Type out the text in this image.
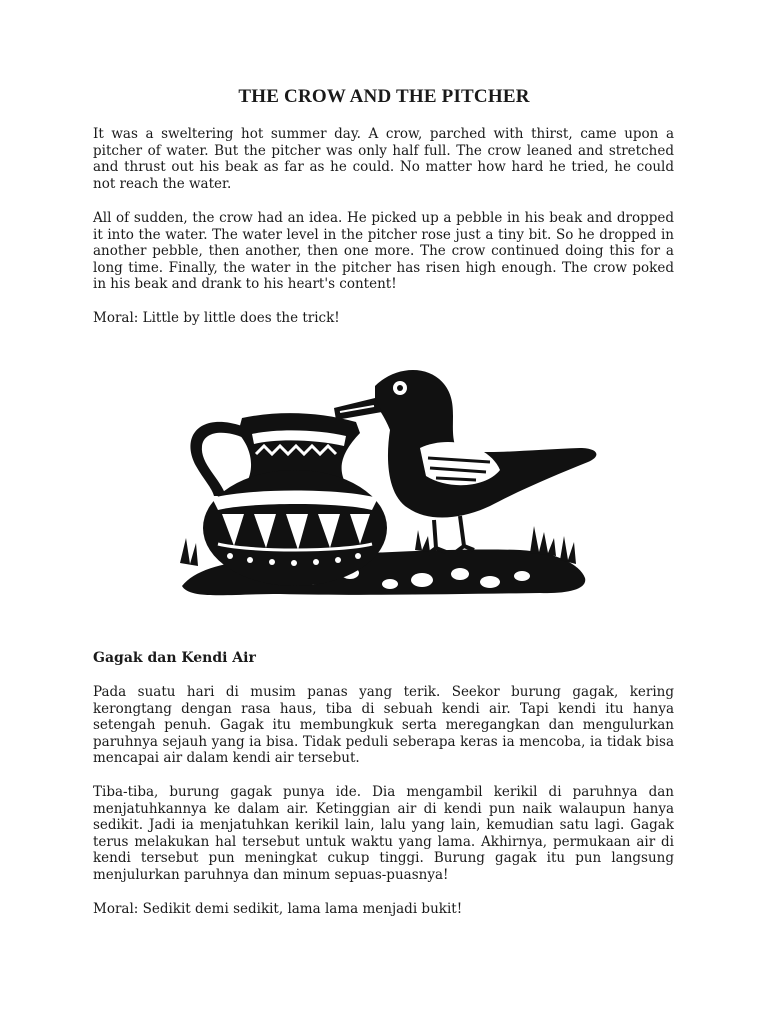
THE CROW AND THE PITCHER

It was a sweltering hot summer day. A crow, parched with thirst, came upon a pitcher of water. But the pitcher was only half full. The crow leaned and stretched and thrust out his beak as far as he could. No matter how hard he tried, he could not reach the water.

All of sudden, the crow had an idea. He picked up a pebble in his beak and dropped it into the water. The water level in the pitcher rose just a tiny bit. So he dropped in another pebble, then another, then one more. The crow continued doing this for a long time. Finally, the water in the pitcher has risen high enough. The crow poked in his beak and drank to his heart's content!

Moral: Little by little does the trick!

Gagak dan Kendi Air

Pada suatu hari di musim panas yang terik. Seekor burung gagak, kering kerongtang dengan rasa haus, tiba di sebuah kendi air. Tapi kendi itu hanya setengah penuh. Gagak itu membungkuk serta meregangkan dan mengulurkan paruhnya sejauh yang ia bisa. Tidak peduli seberapa keras ia mencoba, ia tidak bisa mencapai air dalam kendi air tersebut.

Tiba-tiba, burung gagak punya ide. Dia mengambil kerikil di paruhnya dan menjatuhkannya ke dalam air. Ketinggian air di kendi pun naik walaupun hanya sedikit. Jadi ia menjatuhkan kerikil lain, lalu yang lain, kemudian satu lagi. Gagak terus melakukan hal tersebut untuk waktu yang lama. Akhirnya, permukaan air di kendi tersebut pun meningkat cukup tinggi. Burung gagak itu pun langsung menjulurkan paruhnya dan minum sepuas-puasnya!

Moral: Sedikit demi sedikit, lama lama menjadi bukit!
